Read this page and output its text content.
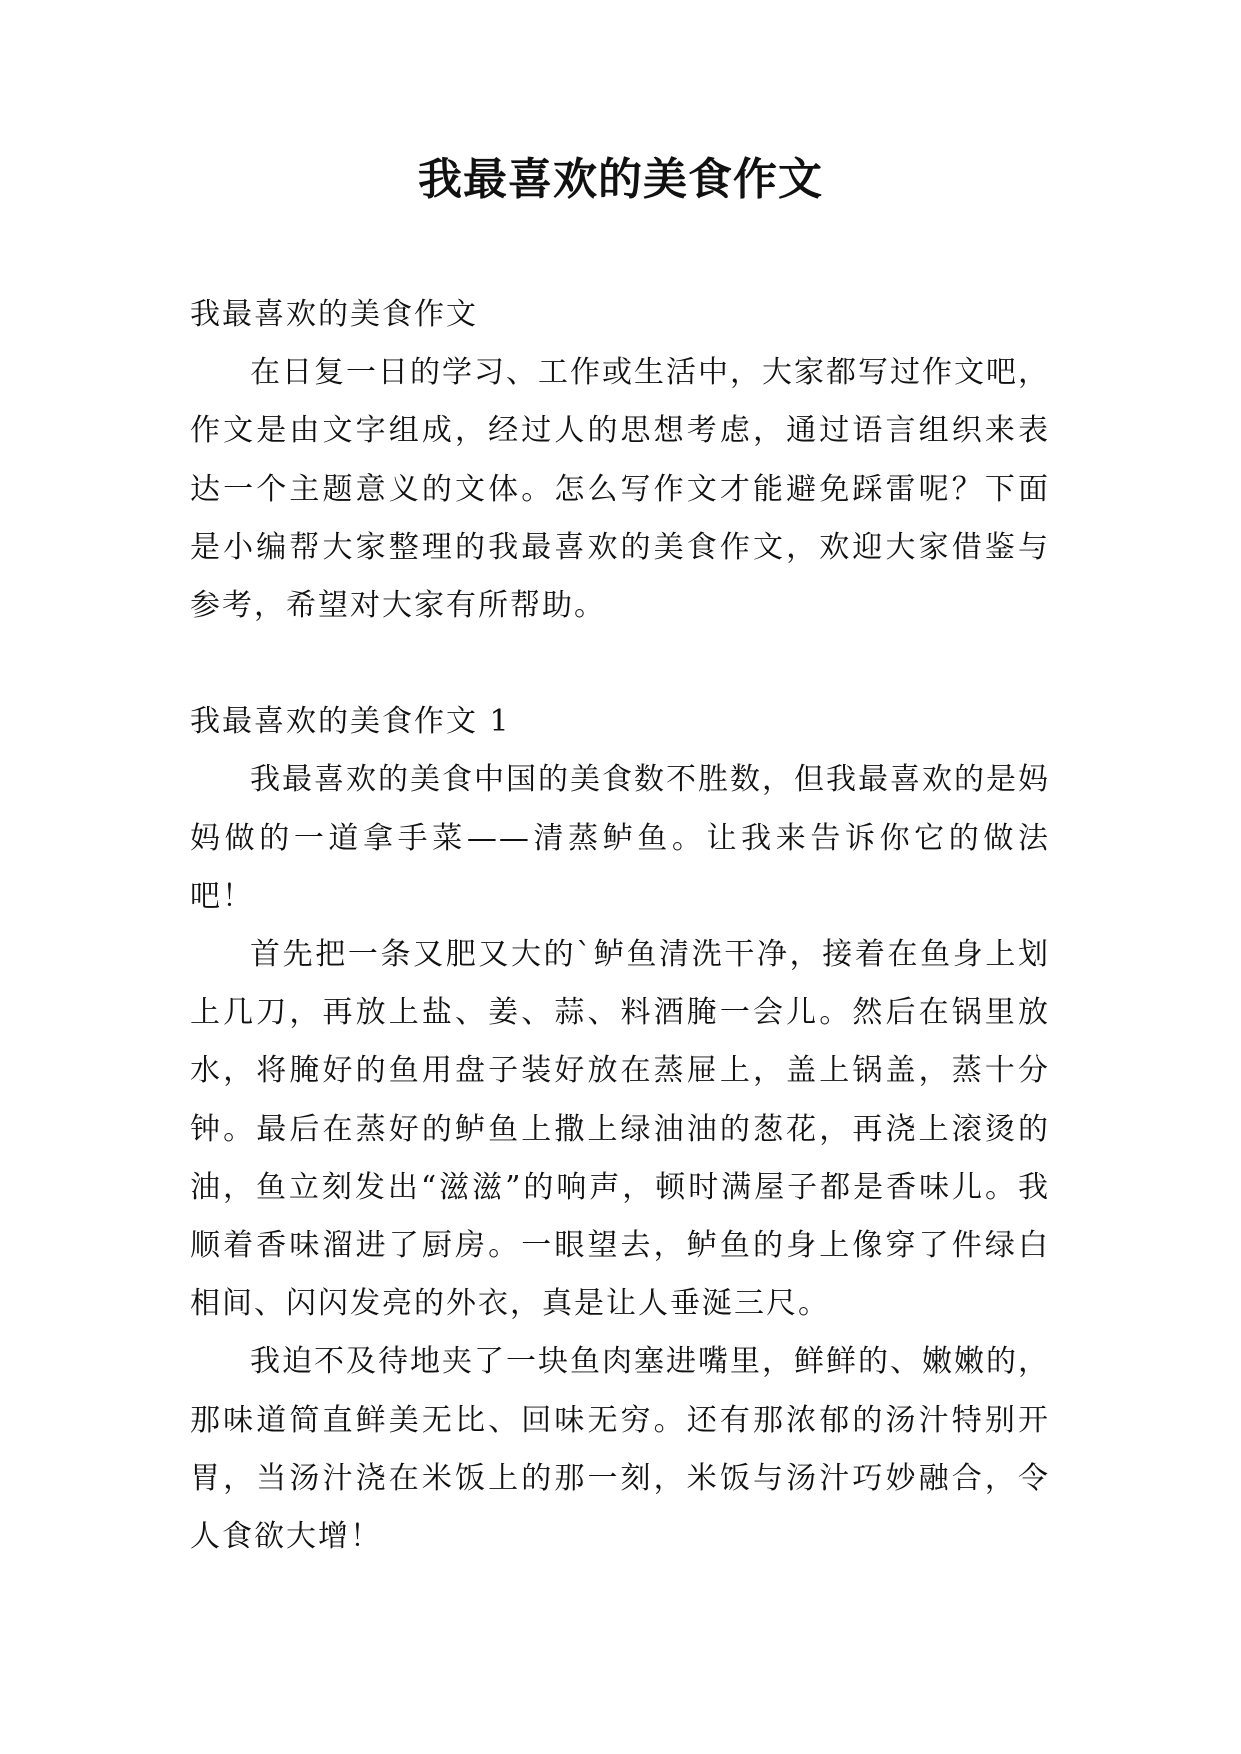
我最喜欢的美食作文

我最喜欢的美食作文

在日复一日的学习、工作或生活中，大家都写过作文吧，作文是由文字组成，经过人的思想考虑，通过语言组织来表达一个主题意义的文体。怎么写作文才能避免踩雷呢？下面是小编帮大家整理的我最喜欢的美食作文，欢迎大家借鉴与参考，希望对大家有所帮助。

我最喜欢的美食作文 1

我最喜欢的美食中国的美食数不胜数，但我最喜欢的是妈妈做的一道拿手菜——清蒸鲈鱼。让我来告诉你它的做法吧！

首先把一条又肥又大的`鲈鱼清洗干净，接着在鱼身上划上几刀，再放上盐、姜、蒜、料酒腌一会儿。然后在锅里放水，将腌好的鱼用盘子装好放在蒸屉上，盖上锅盖，蒸十分钟。最后在蒸好的鲈鱼上撒上绿油油的葱花，再浇上滚烫的油，鱼立刻发出“滋滋”的响声，顿时满屋子都是香味儿。我顺着香味溜进了厨房。一眼望去，鲈鱼的身上像穿了件绿白相间、闪闪发亮的外衣，真是让人垂涎三尺。

我迫不及待地夹了一块鱼肉塞进嘴里，鲜鲜的、嫩嫩的，那味道简直鲜美无比、回味无穷。还有那浓郁的汤汁特别开胃，当汤汁浇在米饭上的那一刻，米饭与汤汁巧妙融合，令人食欲大增！
